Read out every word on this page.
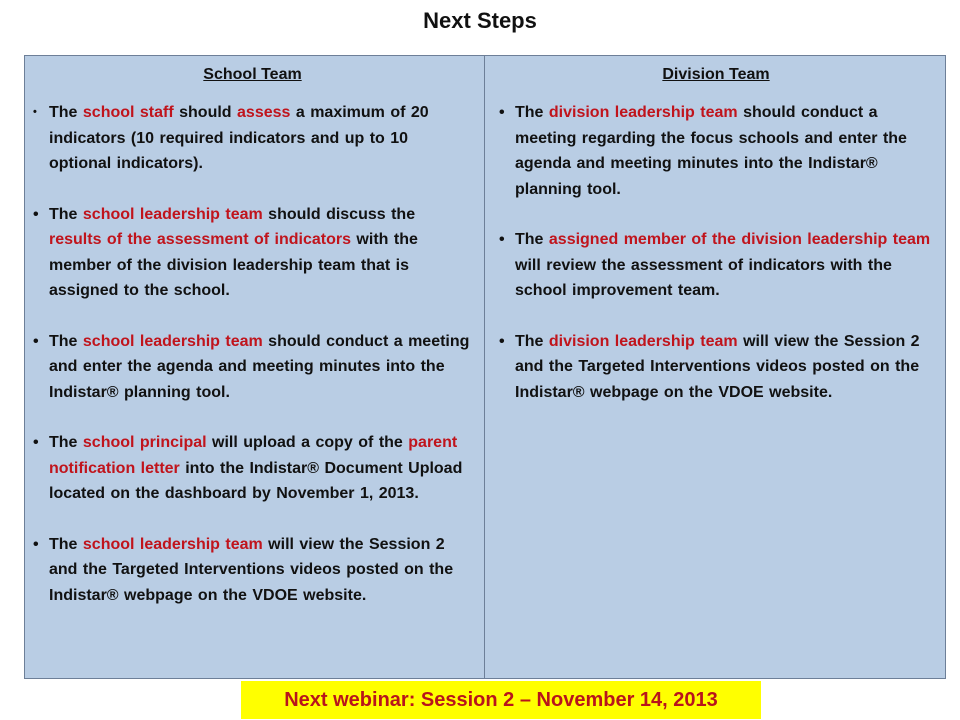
Next Steps
School Team
• The school staff should assess a maximum of 20 indicators (10 required indicators and up to 10 optional indicators).
• The school leadership team should discuss the results of the assessment of indicators with the member of the division leadership team that is assigned to the school.
• The school leadership team should conduct a meeting and enter the agenda and meeting minutes into the Indistar® planning tool.
• The school principal will upload a copy of the parent notification letter into the Indistar® Document Upload located on the dashboard by November 1, 2013.
• The school leadership team will view the Session 2 and the Targeted Interventions videos posted on the Indistar® webpage on the VDOE website.
Division Team
• The division leadership team should conduct a meeting regarding the focus schools and enter the agenda and meeting minutes into the Indistar® planning tool.
• The assigned member of the division leadership team will review the assessment of indicators with the school improvement team.
• The division leadership team will view the Session 2 and the Targeted Interventions videos posted on the Indistar® webpage on the VDOE website.
Next webinar: Session 2 – November 14, 2013
